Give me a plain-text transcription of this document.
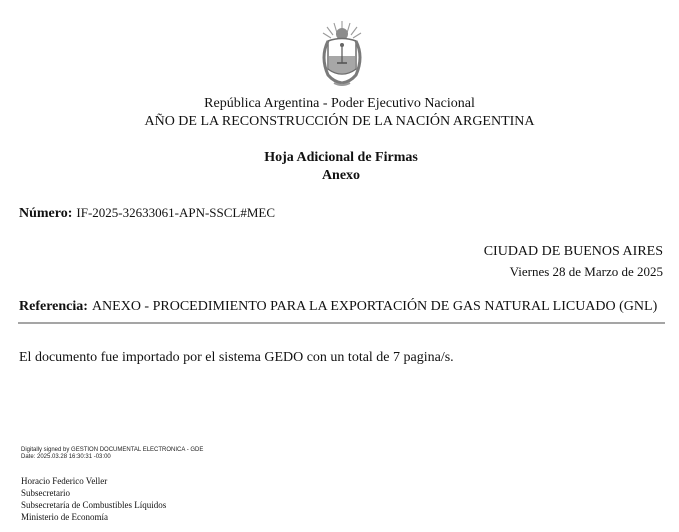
República Argentina - Poder Ejecutivo Nacional
AÑO DE LA RECONSTRUCCIÓN DE LA NACIÓN ARGENTINA
Hoja Adicional de Firmas
Anexo
Número: IF-2025-32633061-APN-SSCL#MEC
CIUDAD DE BUENOS AIRES
Viernes 28 de Marzo de 2025
Referencia: ANEXO - PROCEDIMIENTO PARA LA EXPORTACIÓN DE GAS NATURAL LICUADO (GNL)
El documento fue importado por el sistema GEDO con un total de 7 pagina/s.
Digitally signed by GESTION DOCUMENTAL ELECTRONICA - GDE
Date: 2025.03.28 16:30:31 -03:00
Horacio Federico Veller
Subsecretario
Subsecretaría de Combustibles Líquidos
Ministerio de Economía
